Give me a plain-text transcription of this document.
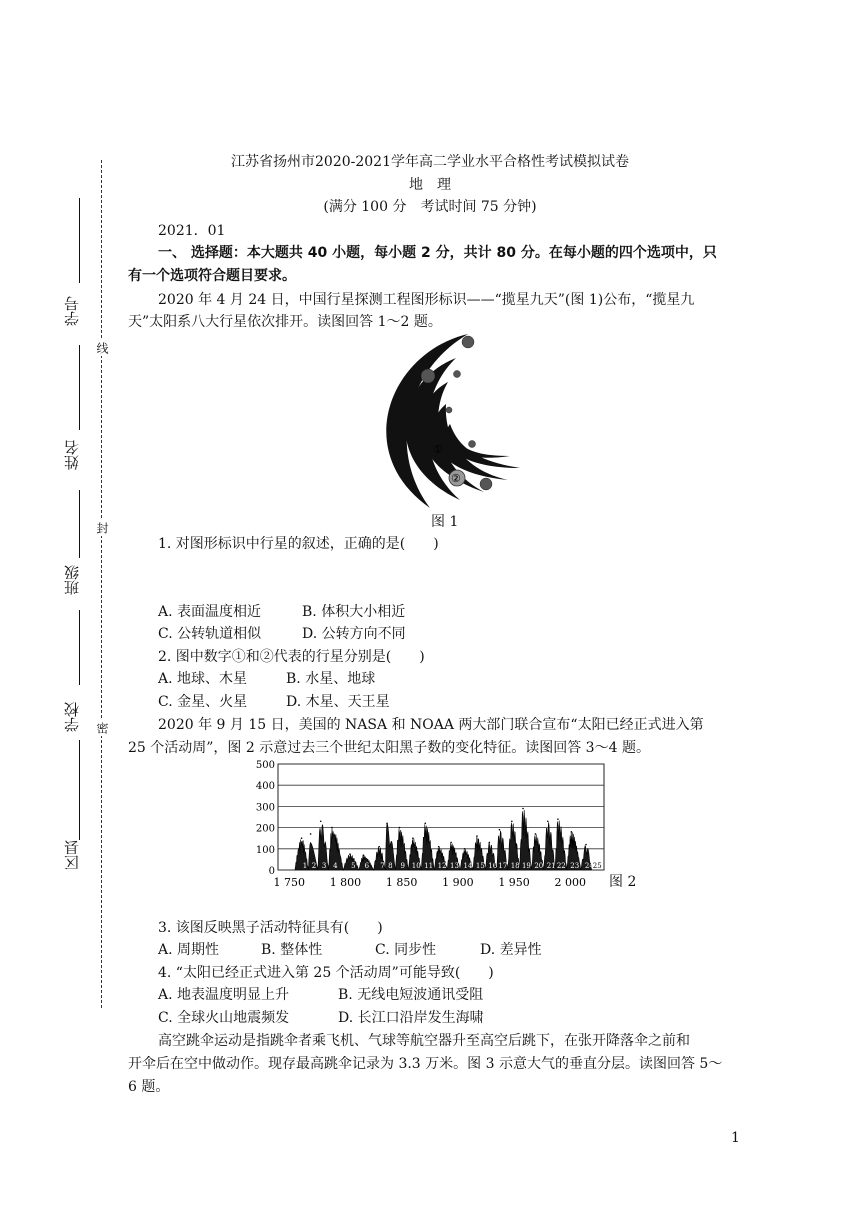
学号
姓名
班级
学校
区县
线
封
密
江苏省扬州市2020-2021学年高二学业水平合格性考试模拟试卷
地　理
(满分 100 分　考试时间 75 分钟)
2021．01
一、 选择题：本大题共 40 小题，每小题 2 分，共计 80 分。在每小题的四个选项中，只
有一个选项符合题目要求。
2020 年 4 月 24 日，中国行星探测工程图形标识——“揽星九天”(图 1)公布，“揽星九
天”太阳系八大行星依次排开。读图回答 1～2 题。
①
②
图 1
1. 对图形标识中行星的叙述，正确的是(　　)
A. 表面温度相近	B. 体积大小相近
C. 公转轨道相似	D. 公转方向不同
2. 图中数字①和②代表的行星分别是(　　)
A. 地球、木星	B. 水星、地球
C. 金星、火星	D. 木星、天王星
2020 年 9 月 15 日，美国的 NASA 和 NOAA 两大部门联合宣布“太阳已经正式进入第
25 个活动周”，图 2 示意过去三个世纪太阳黑子数的变化特征。读图回答 3～4 题。
0
100
200
300
400
500
1 2 3 4 5 6 7 8 9 10 11 12 13 14 15 16 17 18 19 20 21 22 23 24
25
1 750 1 800 1 850 1 900 1 950 2 000 图 2
3. 该图反映黑子活动特征具有(　　)
A. 周期性	B. 整体性	C. 同步性	D. 差异性
4. “太阳已经正式进入第 25 个活动周”可能导致(　　)
A. 地表温度明显上升	B. 无线电短波通讯受阻
C. 全球火山地震频发	D. 长江口沿岸发生海啸
高空跳伞运动是指跳伞者乘飞机、气球等航空器升至高空后跳下，在张开降落伞之前和
开伞后在空中做动作。现存最高跳伞记录为 3.3 万米。图 3 示意大气的垂直分层。读图回答 5～
6 题。
1
